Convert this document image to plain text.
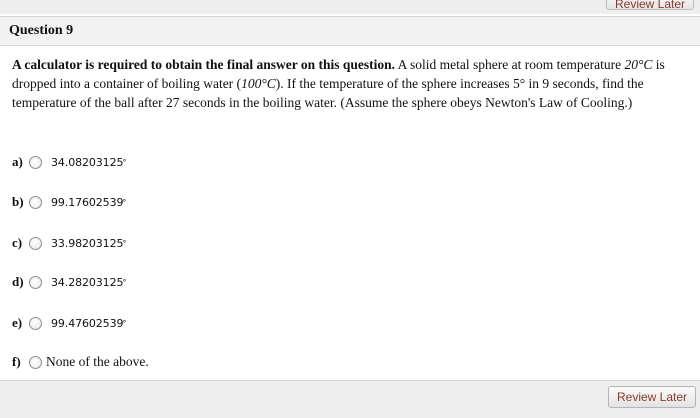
Review Later
Question 9
A calculator is required to obtain the final answer on this question. A solid metal sphere at room temperature 20°C is dropped into a container of boiling water (100°C). If the temperature of the sphere increases 5° in 9 seconds, find the temperature of the ball after 27 seconds in the boiling water. (Assume the sphere obeys Newton's Law of Cooling.)
a)	34.08203125 °
b)	99.17602539 °
c)	33.98203125 °
d)	34.28203125 °
e)	99.47602539 °
f)	None of the above.
Review Later
